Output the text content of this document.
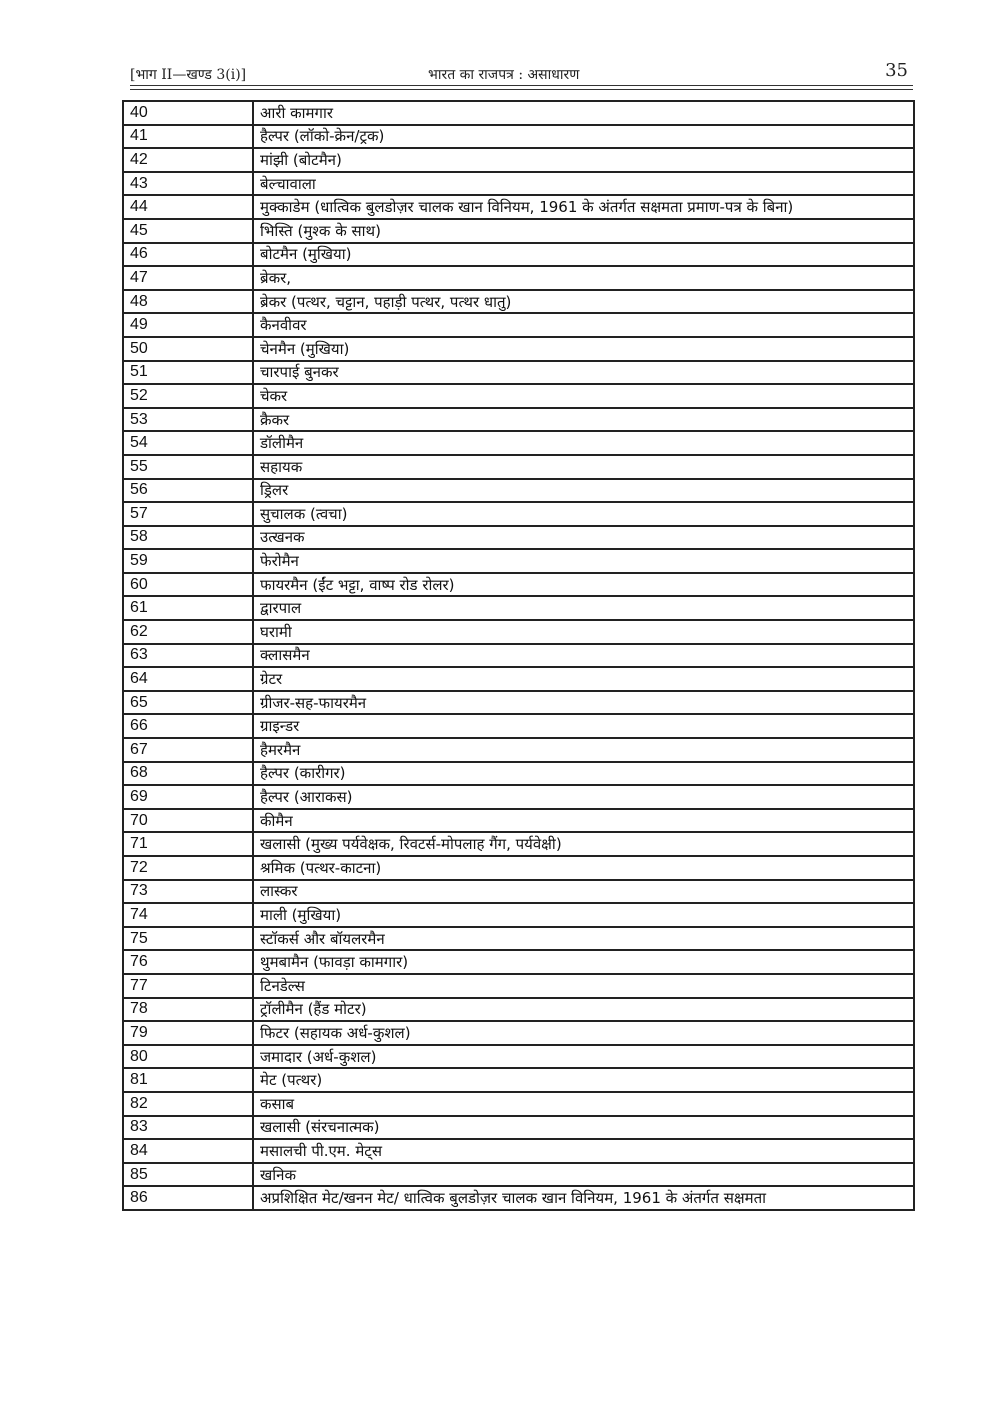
[भाग II—खण्ड 3(i)]	भारत का राजपत्र : असाधारण	35
40	आरी कामगार
41	हैल्पर (लॉको-क्रेन/ट्रक)
42	मांझी (बोटमैन)
43	बेल्चावाला
44	मुक्काडेम (धात्विक बुलडोज़र चालक खान विनियम, 1961 के अंतर्गत सक्षमता प्रमाण-पत्र के बिना)
45	भिस्ति (मुश्क के साथ)
46	बोटमैन (मुखिया)
47	ब्रेकर,
48	ब्रेकर (पत्थर, चट्टान, पहाड़ी पत्थर, पत्थर धातु)
49	कैनवीवर
50	चेनमैन (मुखिया)
51	चारपाई बुनकर
52	चेकर
53	क्रैकर
54	डॉलीमैन
55	सहायक
56	ड्रिलर
57	सुचालक (त्वचा)
58	उत्खनक
59	फेरोमैन
60	फायरमैन (ईंट भट्टा, वाष्प रोड रोलर)
61	द्वारपाल
62	घरामी
63	क्लासमैन
64	ग्रेटर
65	ग्रीजर-सह-फायरमैन
66	ग्राइन्डर
67	हैमरमैन
68	हैल्पर (कारीगर)
69	हैल्पर (आराकस)
70	कीमैन
71	खलासी (मुख्य पर्यवेक्षक, रिवटर्स-मोपलाह गैंग, पर्यवेक्षी)
72	श्रमिक (पत्थर-काटना)
73	लास्कर
74	माली (मुखिया)
75	स्टॉकर्स और बॉयलरमैन
76	थुमबामैन (फावड़ा कामगार)
77	टिनडेल्स
78	ट्रॉलीमैन (हैंड मोटर)
79	फिटर (सहायक अर्ध-कुशल)
80	जमादार (अर्ध-कुशल)
81	मेट (पत्थर)
82	कसाब
83	खलासी (संरचनात्मक)
84	मसालची पी.एम. मेट्स
85	खनिक
86	अप्रशिक्षित मेट/खनन मेट/ धात्विक बुलडोज़र चालक खान विनियम, 1961 के अंतर्गत सक्षमता
